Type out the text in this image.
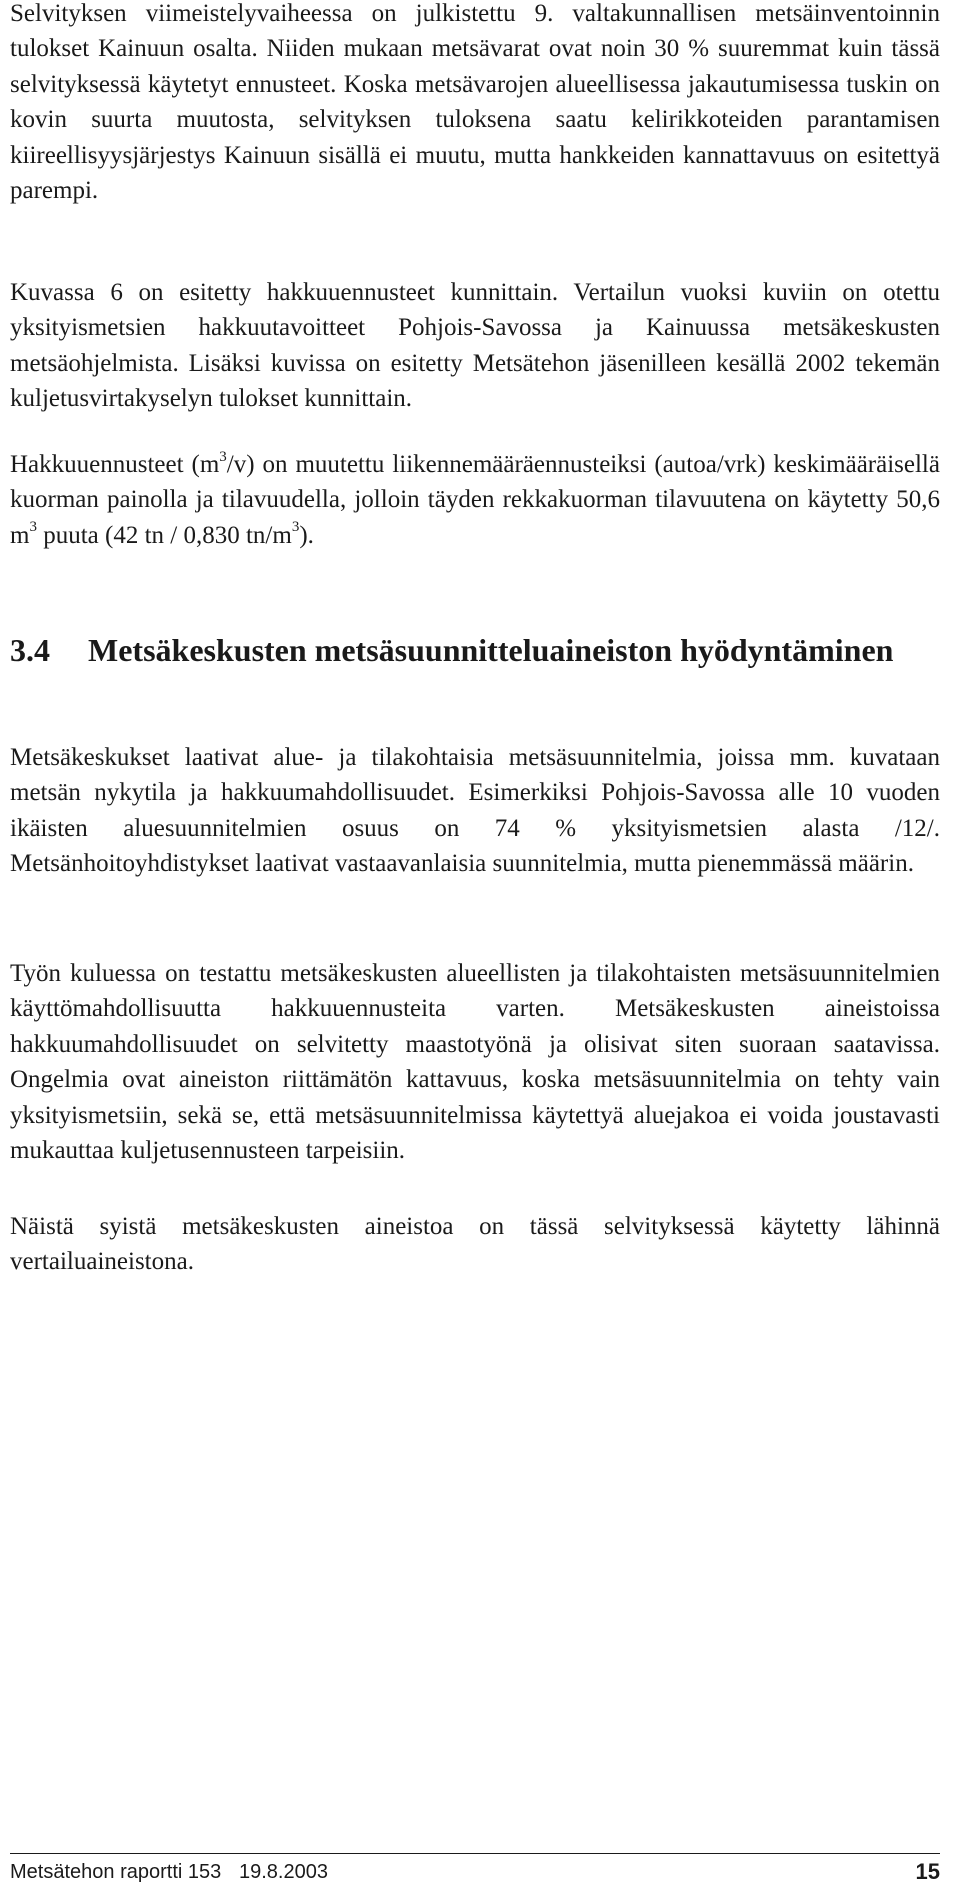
Selvityksen viimeistelyvaiheessa on julkistettu 9. valtakunnallisen metsäinventoinnin tulokset Kainuun osalta. Niiden mukaan metsävarat ovat noin 30 % suuremmat kuin tässä selvityksessä käytetyt ennusteet. Koska metsävarojen alueellisessa jakautumisessa tuskin on kovin suurta muutosta, selvityksen tuloksena saatu kelirikkoteiden parantamisen kiireellisyysjärjestys Kainuun sisällä ei muutu, mutta hankkeiden kannattavuus on esitettyä parempi.

Kuvassa 6 on esitetty hakkuuennusteet kunnittain. Vertailun vuoksi kuviin on otettu yksityismetsien hakkuutavoitteet Pohjois-Savossa ja Kainuussa metsäkeskusten metsäohjelmista. Lisäksi kuvissa on esitetty Metsätehon jäsenilleen kesällä 2002 tekemän kuljetusvirtakyselyn tulokset kunnittain.

Hakkuuennusteet $(m^3/v)$ on muutettu liikennemääräennusteiksi (autoa/vrk) keskimääräisellä kuorman painolla ja tilavuudella, jolloin täyden rekkakuorman tilavuutena on käytetty 50,6 $m^3$ puuta (42 tn / 0,830 $tn/m^3$).

3.4	Metsäkeskusten metsäsuunnitteluaineiston hyödyntäminen

Metsäkeskukset laativat alue- ja tilakohtaisia metsäsuunnitelmia, joissa mm. kuvataan metsän nykytila ja hakkuumahdollisuudet. Esimerkiksi Pohjois-Savossa alle 10 vuoden ikäisten aluesuunnitelmien osuus on 74 % yksityismetsien alasta /12/. Metsänhoitoyhdistykset laativat vastaavanlaisia suunnitelmia, mutta pienemmässä määrin.

Työn kuluessa on testattu metsäkeskusten alueellisten ja tilakohtaisten metsäsuunnitelmien käyttömahdollisuutta hakkuuennusteita varten. Metsäkeskusten aineistoissa hakkuumahdollisuudet on selvitetty maastotyönä ja olisivat siten suoraan saatavissa. Ongelmia ovat aineiston riittämätön kattavuus, koska metsäsuunnitelmia on tehty vain yksityismetsiin, sekä se, että metsäsuunnitelmissa käytettyä aluejakoa ei voida joustavasti mukauttaa kuljetusennusteen tarpeisiin.

Näistä syistä metsäkeskusten aineistoa on tässä selvityksessä käytetty lähinnä vertailuaineistona.

Metsätehon raportti 153 19.8.2003	15
